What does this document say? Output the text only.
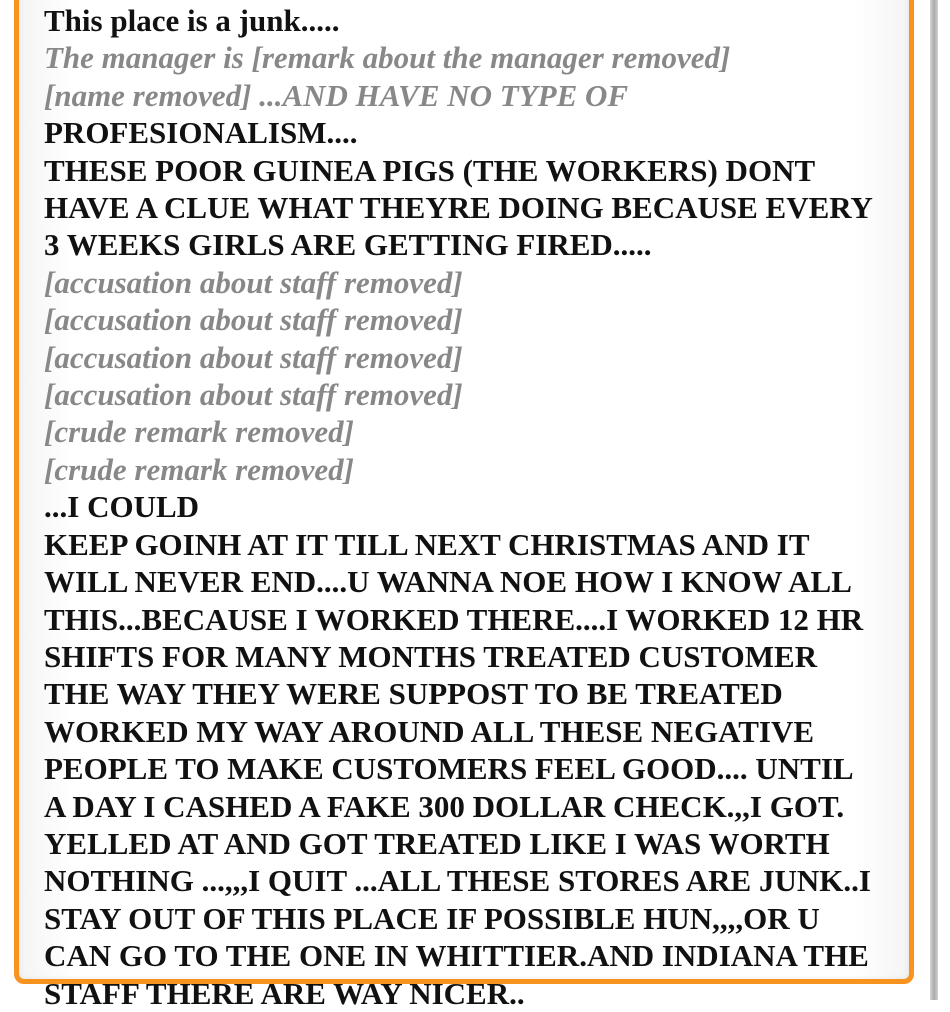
This place is a junk.....
The manager is [remark about the manager removed]
[name removed] ...AND HAVE NO TYPE OF
PROFESIONALISM....
THESE POOR GUINEA PIGS (THE WORKERS) DONT
HAVE A CLUE WHAT THEYRE DOING BECAUSE EVERY
3 WEEKS GIRLS ARE GETTING FIRED.....
[accusation about staff removed]
[accusation about staff removed]
[accusation about staff removed]
[accusation about staff removed]
[crude remark removed]
[crude remark removed]
...I COULD
KEEP GOINH AT IT TILL NEXT CHRISTMAS AND IT
WILL NEVER END....U WANNA NOE HOW I KNOW ALL
THIS...BECAUSE I WORKED THERE....I WORKED 12 HR
SHIFTS FOR MANY MONTHS TREATED CUSTOMER
THE WAY THEY WERE SUPPOST TO BE TREATED
WORKED MY WAY AROUND ALL THESE NEGATIVE
PEOPLE TO MAKE CUSTOMERS FEEL GOOD.... UNTIL
A DAY I CASHED A FAKE 300 DOLLAR CHECK.,,I GOT.
YELLED AT AND GOT TREATED LIKE I WAS WORTH
NOTHING ...,,,I QUIT ...ALL THESE STORES ARE JUNK..I
STAY OUT OF THIS PLACE IF POSSIBLE HUN,,,,OR U
CAN GO TO THE ONE IN WHITTIER.AND INDIANA THE
STAFF THERE ARE WAY NICER..
